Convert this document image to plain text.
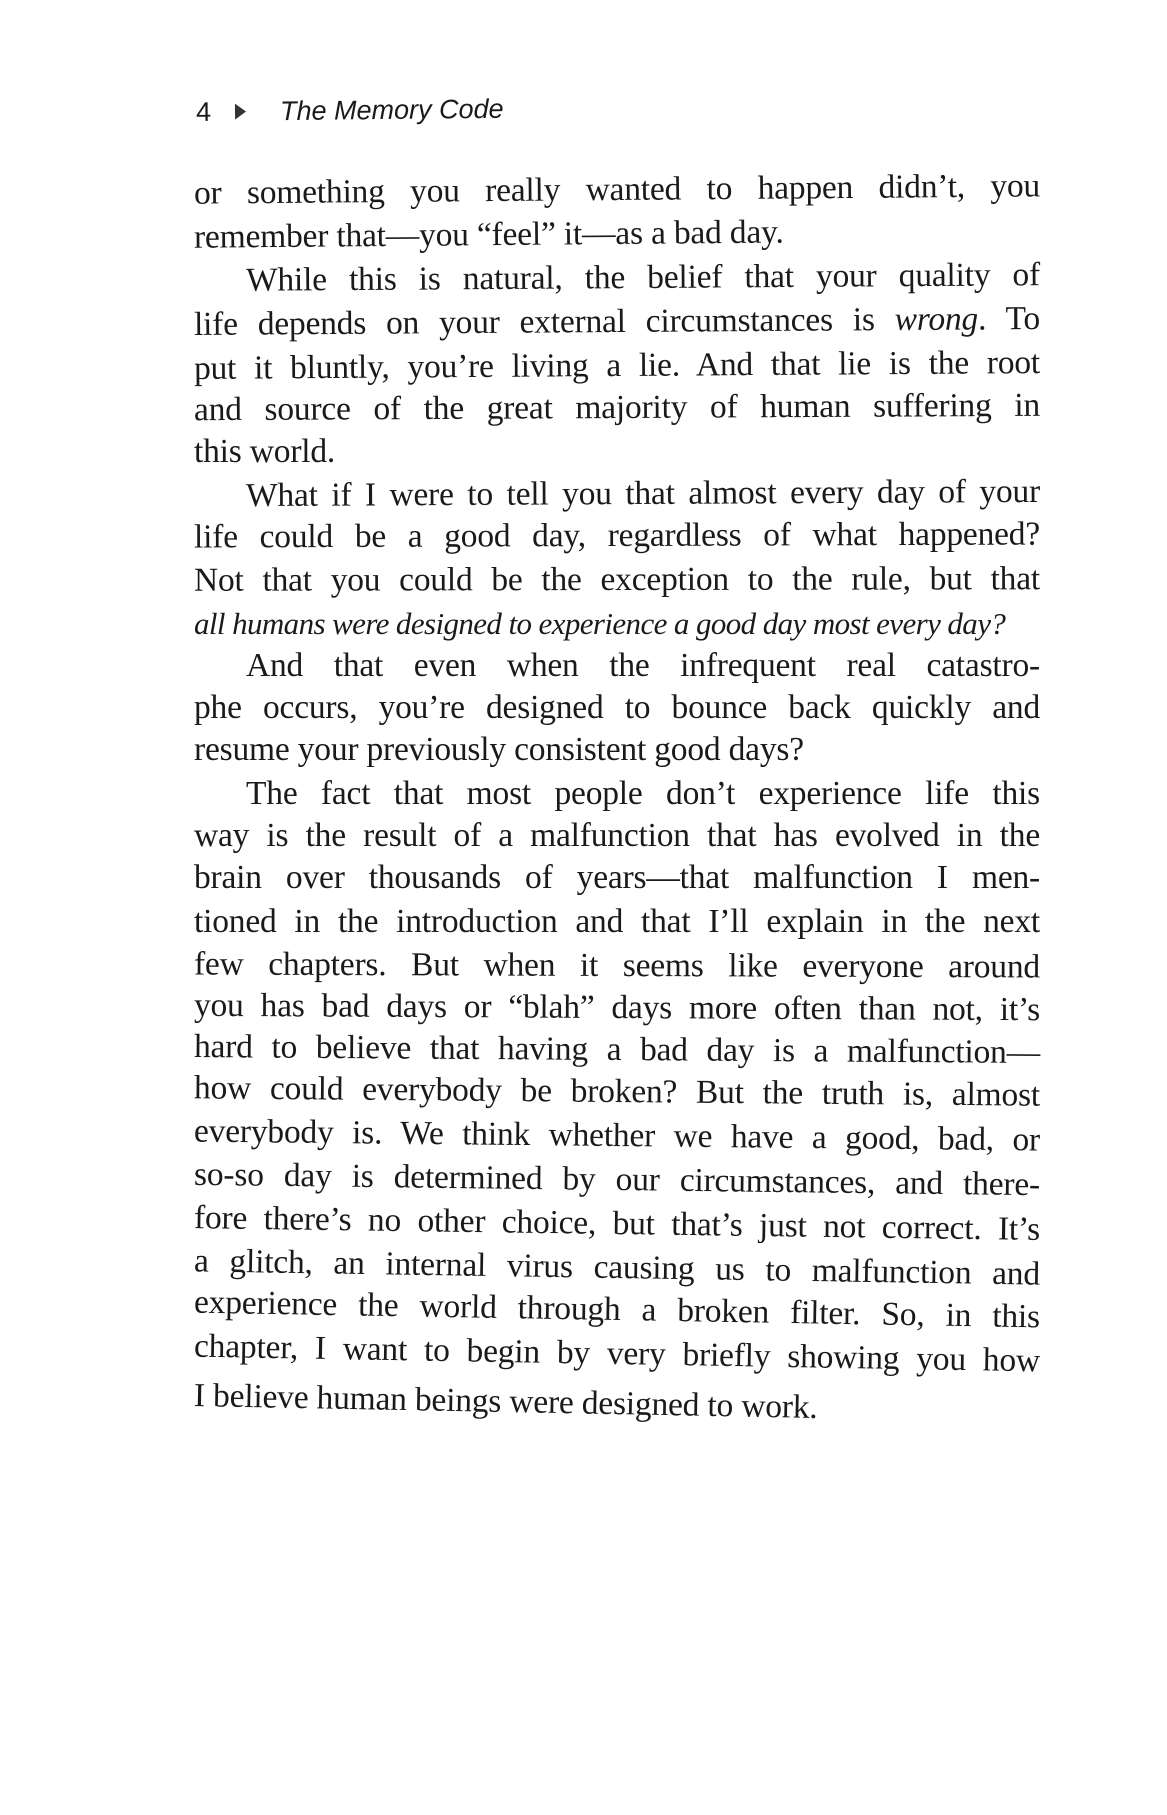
4	The Memory Code
or something you really wanted to happen didn’t, you
remember that—you “feel” it—as a bad day.
While this is natural, the belief that your quality of
life depends on your external circumstances is wrong. To
put it bluntly, you’re living a lie. And that lie is the root
and source of the great majority of human suffering in
this world.
What if I were to tell you that almost every day of your
life could be a good day, regardless of what happened?
Not that you could be the exception to the rule, but that
all humans were designed to experience a good day most every day?
And that even when the infrequent real catastro-
phe occurs, you’re designed to bounce back quickly and
resume your previously consistent good days?
The fact that most people don’t experience life this
way is the result of a malfunction that has evolved in the
brain over thousands of years—that malfunction I men-
tioned in the introduction and that I’ll explain in the next
few chapters. But when it seems like everyone around
you has bad days or “blah” days more often than not, it’s
hard to believe that having a bad day is a malfunction—
how could everybody be broken? But the truth is, almost
everybody is. We think whether we have a good, bad, or
so-so day is determined by our circumstances, and there-
fore there’s no other choice, but that’s just not correct. It’s
a glitch, an internal virus causing us to malfunction and
experience the world through a broken filter. So, in this
chapter, I want to begin by very briefly showing you how
I believe human beings were designed to work.
